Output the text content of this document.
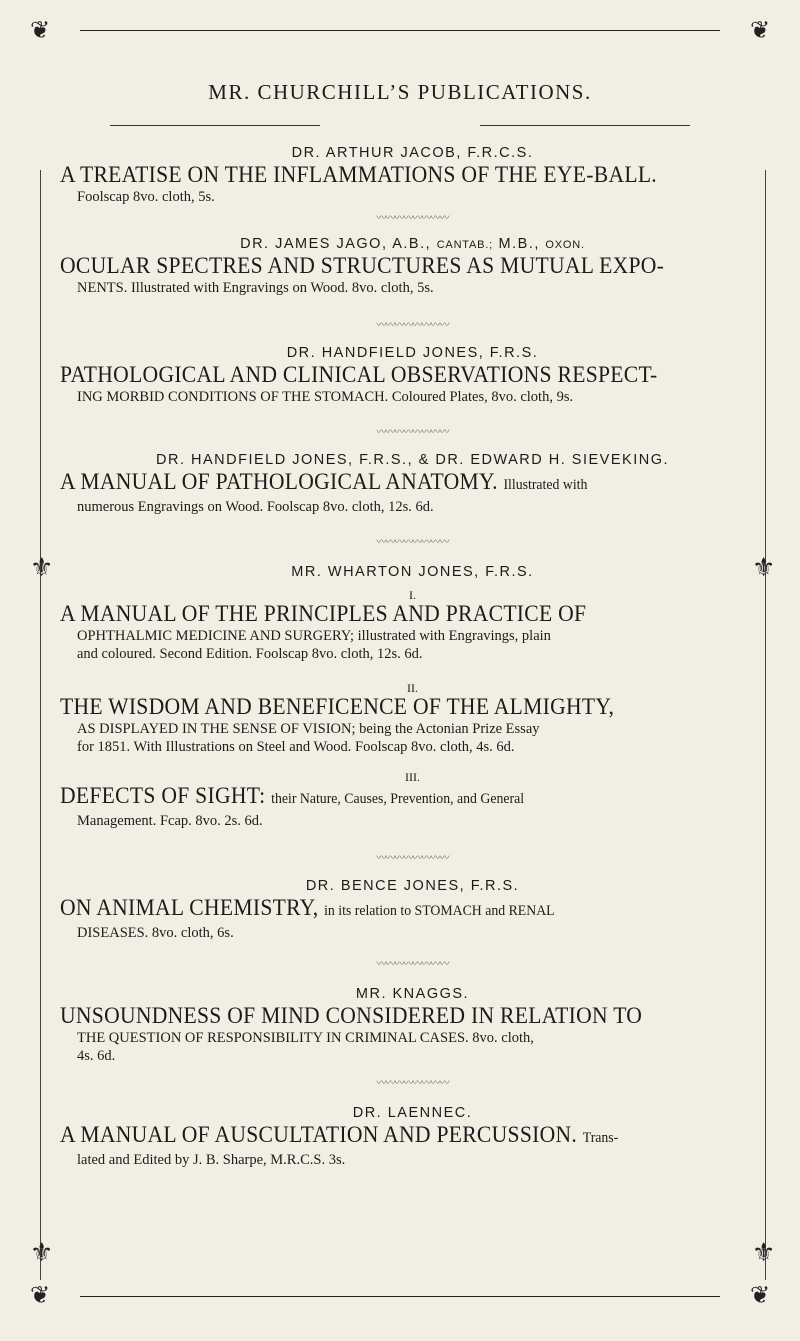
❦	❦
❦	❦
⚜	⚜
⚜	⚜
MR. CHURCHILL’S PUBLICATIONS.

DR. ARTHUR JACOB, F.R.C.S.

A TREATISE ON THE INFLAMMATIONS OF THE EYE-BALL.

Foolscap 8vo. cloth, 5s.

〰〰〰〰〰〰〰〰

DR. JAMES JAGO, A.B., CANTAB.; M.B., OXON.

OCULAR SPECTRES AND STRUCTURES AS MUTUAL EXPO-

NENTS. Illustrated with Engravings on Wood. 8vo. cloth, 5s.

〰〰〰〰〰〰〰〰

DR. HANDFIELD JONES, F.R.S.

PATHOLOGICAL AND CLINICAL OBSERVATIONS RESPECT-

ING MORBID CONDITIONS OF THE STOMACH. Coloured Plates, 8vo. cloth, 9s.

〰〰〰〰〰〰〰〰

DR. HANDFIELD JONES, F.R.S., & DR. EDWARD H. SIEVEKING.

A MANUAL OF PATHOLOGICAL ANATOMY. Illustrated with

numerous Engravings on Wood. Foolscap 8vo. cloth, 12s. 6d.

〰〰〰〰〰〰〰〰

MR. WHARTON JONES, F.R.S.

I.

A MANUAL OF THE PRINCIPLES AND PRACTICE OF

OPHTHALMIC MEDICINE AND SURGERY; illustrated with Engravings, plain

and coloured. Second Edition. Foolscap 8vo. cloth, 12s. 6d.

II.

THE WISDOM AND BENEFICENCE OF THE ALMIGHTY,

AS DISPLAYED IN THE SENSE OF VISION; being the Actonian Prize Essay

for 1851. With Illustrations on Steel and Wood. Foolscap 8vo. cloth, 4s. 6d.

III.

DEFECTS OF SIGHT: their Nature, Causes, Prevention, and General

Management. Fcap. 8vo. 2s. 6d.

〰〰〰〰〰〰〰〰

DR. BENCE JONES, F.R.S.

ON ANIMAL CHEMISTRY, in its relation to STOMACH and RENAL

DISEASES. 8vo. cloth, 6s.

〰〰〰〰〰〰〰〰

MR. KNAGGS.

UNSOUNDNESS OF MIND CONSIDERED IN RELATION TO

THE QUESTION OF RESPONSIBILITY IN CRIMINAL CASES. 8vo. cloth,

4s. 6d.

〰〰〰〰〰〰〰〰

DR. LAENNEC.

A MANUAL OF AUSCULTATION AND PERCUSSION. Trans-

lated and Edited by J. B. Sharpe, M.R.C.S. 3s.
